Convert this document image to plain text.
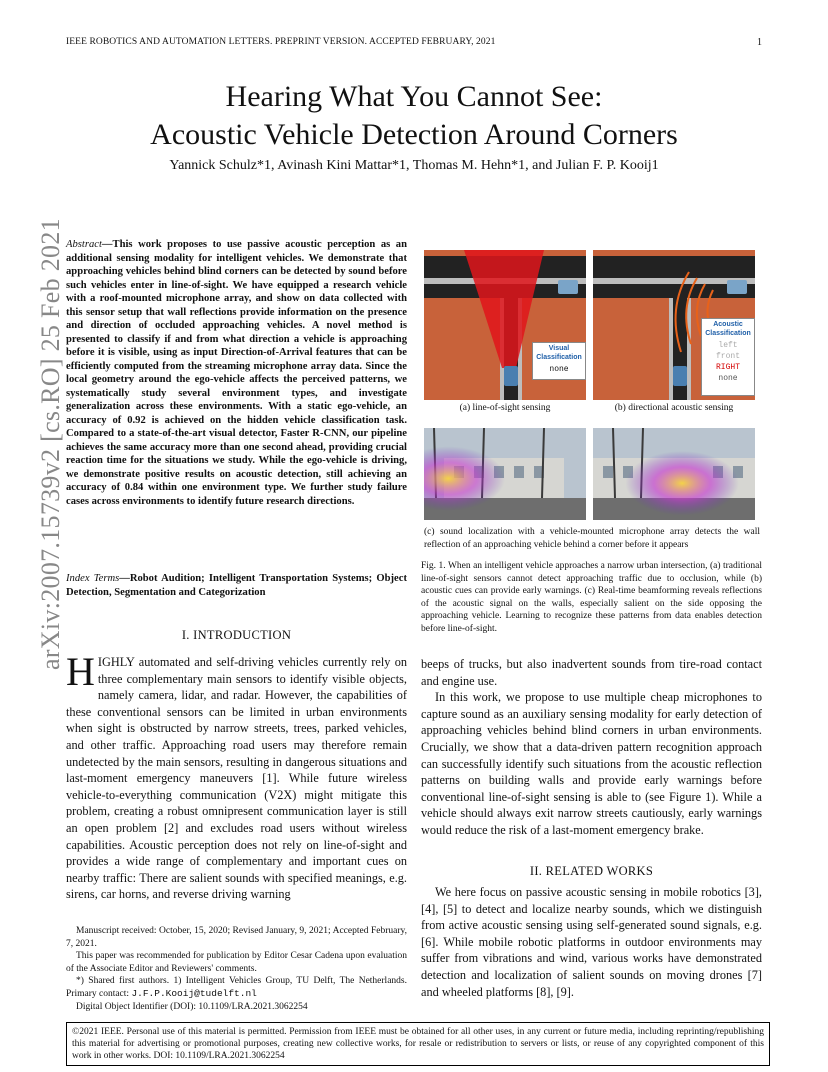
IEEE ROBOTICS AND AUTOMATION LETTERS. PREPRINT VERSION. ACCEPTED FEBRUARY, 2021	1
arXiv:2007.15739v2 [cs.RO] 25 Feb 2021
Hearing What You Cannot See:
Acoustic Vehicle Detection Around Corners
Yannick Schulz*1, Avinash Kini Mattar*1, Thomas M. Hehn*1, and Julian F. P. Kooij1
Abstract—This work proposes to use passive acoustic perception as an additional sensing modality for intelligent vehicles. We demonstrate that approaching vehicles behind blind corners can be detected by sound before such vehicles enter in line-of-sight. We have equipped a research vehicle with a roof-mounted microphone array, and show on data collected with this sensor setup that wall reflections provide information on the presence and direction of occluded approaching vehicles. A novel method is presented to classify if and from what direction a vehicle is approaching before it is visible, using as input Direction-of-Arrival features that can be efficiently computed from the streaming microphone array data. Since the local geometry around the ego-vehicle affects the perceived patterns, we systematically study several environment types, and investigate generalization across these environments. With a static ego-vehicle, an accuracy of 0.92 is achieved on the hidden vehicle classification task. Compared to a state-of-the-art visual detector, Faster R-CNN, our pipeline achieves the same accuracy more than one second ahead, providing crucial reaction time for the situations we study. While the ego-vehicle is driving, we demonstrate positive results on acoustic detection, still achieving an accuracy of 0.84 within one environment type. We further study failure cases across environments to identify future research directions.
Index Terms—Robot Audition; Intelligent Transportation Systems; Object Detection, Segmentation and Categorization
I. INTRODUCTION
HIGHLY automated and self-driving vehicles currently rely on three complementary main sensors to identify visible objects, namely camera, lidar, and radar. However, the capabilities of these conventional sensors can be limited in urban environments when sight is obstructed by narrow streets, trees, parked vehicles, and other traffic. Approaching road users may therefore remain undetected by the main sensors, resulting in dangerous situations and last-moment emergency maneuvers [1]. While future wireless vehicle-to-everything communication (V2X) might mitigate this problem, creating a robust omnipresent communication layer is still an open problem [2] and excludes road users without wireless capabilities. Acoustic perception does not rely on line-of-sight and provides a wide range of complementary and important cues on nearby traffic: There are salient sounds with specified meanings, e.g. sirens, car horns, and reverse driving warning

Manuscript received: October, 15, 2020; Revised January, 9, 2021; Accepted February, 7, 2021.

This paper was recommended for publication by Editor Cesar Cadena upon evaluation of the Associate Editor and Reviewers' comments.

*) Shared first authors. 1) Intelligent Vehicles Group, TU Delft, The Netherlands. Primary contact: J.F.P.Kooij@tudelft.nl

Digital Object Identifier (DOI): 10.1109/LRA.2021.3062254

Visual Classification
none
(a) line-of-sight sensing
Acoustic Classification
left
front
RIGHT
none
(b) directional acoustic sensing
(c) sound localization with a vehicle-mounted microphone array detects the wall reflection of an approaching vehicle behind a corner before it appears
Fig. 1. When an intelligent vehicle approaches a narrow urban intersection, (a) traditional line-of-sight sensors cannot detect approaching traffic due to occlusion, while (b) acoustic cues can provide early warnings. (c) Real-time beamforming reveals reflections of the acoustic signal on the walls, especially salient on the side opposing the approaching vehicle. Learning to recognize these patterns from data enables detection before line-of-sight.

beeps of trucks, but also inadvertent sounds from tire-road contact and engine use.

In this work, we propose to use multiple cheap microphones to capture sound as an auxiliary sensing modality for early detection of approaching vehicles behind blind corners in urban environments. Crucially, we show that a data-driven pattern recognition approach can successfully identify such situations from the acoustic reflection patterns on building walls and provide early warnings before conventional line-of-sight sensing is able to (see Figure 1). While a vehicle should always exit narrow streets cautiously, early warnings would reduce the risk of a last-moment emergency brake.

II. RELATED WORKS

We here focus on passive acoustic sensing in mobile robotics [3], [4], [5] to detect and localize nearby sounds, which we distinguish from active acoustic sensing using self-generated sound signals, e.g. [6]. While mobile robotic platforms in outdoor environments may suffer from vibrations and wind, various works have demonstrated detection and localization of salient sounds on moving drones [7] and wheeled platforms [8], [9].

©2021 IEEE. Personal use of this material is permitted. Permission from IEEE must be obtained for all other uses, in any current or future media, including reprinting/republishing this material for advertising or promotional purposes, creating new collective works, for resale or redistribution to servers or lists, or reuse of any copyrighted component of this work in other works. DOI: 10.1109/LRA.2021.3062254
